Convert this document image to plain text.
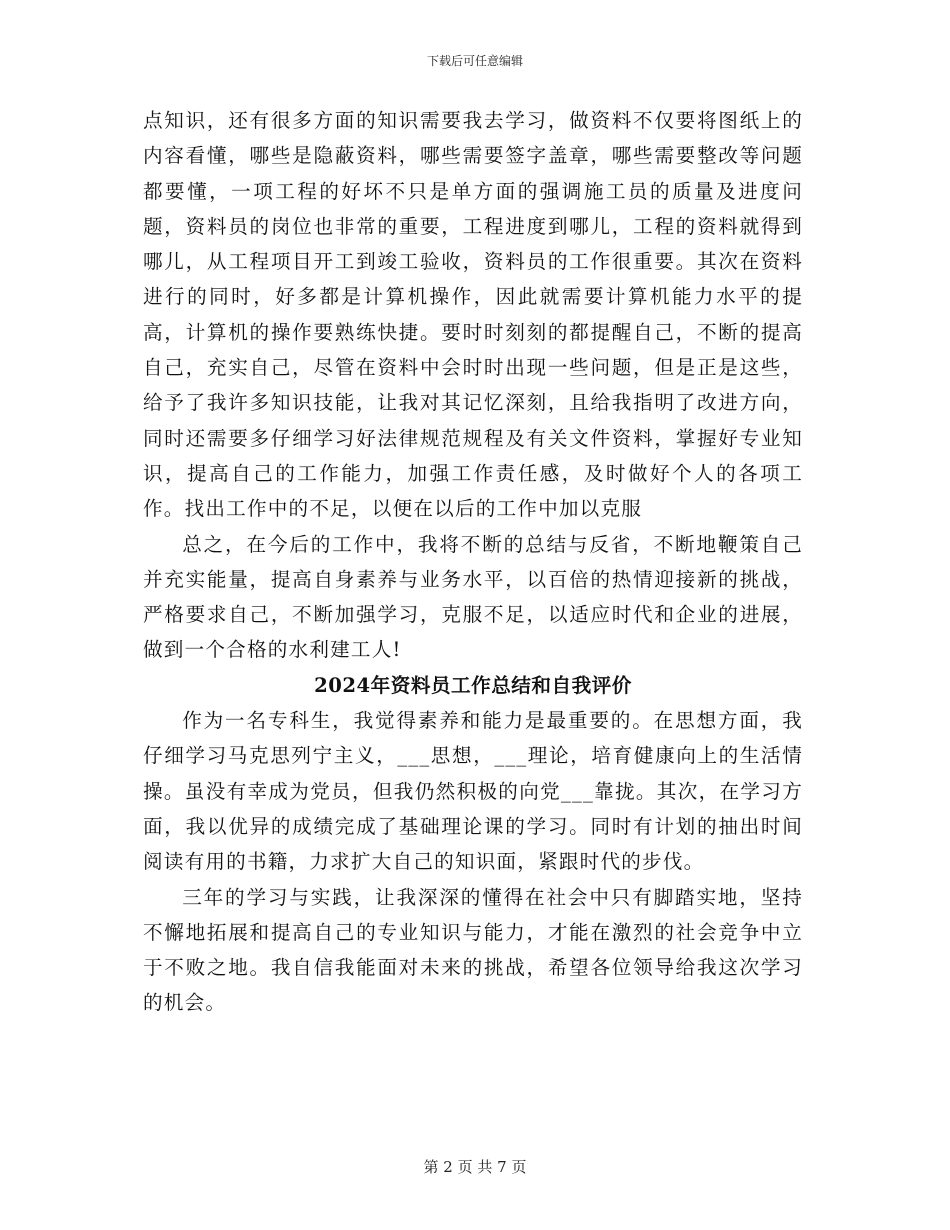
下载后可任意编辑

点知识，还有很多方面的知识需要我去学习，做资料不仅要将图纸上的内容看懂，哪些是隐蔽资料，哪些需要签字盖章，哪些需要整改等问题都要懂，一项工程的好坏不只是单方面的强调施工员的质量及进度问题，资料员的岗位也非常的重要，工程进度到哪儿，工程的资料就得到哪儿，从工程项目开工到竣工验收，资料员的工作很重要。其次在资料进行的同时，好多都是计算机操作，因此就需要计算机能力水平的提高，计算机的操作要熟练快捷。要时时刻刻的都提醒自己，不断的提高自己，充实自己，尽管在资料中会时时出现一些问题，但是正是这些，给予了我许多知识技能，让我对其记忆深刻，且给我指明了改进方向，同时还需要多仔细学习好法律规范规程及有关文件资料，掌握好专业知识，提高自己的工作能力，加强工作责任感，及时做好个人的各项工作。找出工作中的不足，以便在以后的工作中加以克服

总之，在今后的工作中，我将不断的总结与反省，不断地鞭策自己并充实能量，提高自身素养与业务水平，以百倍的热情迎接新的挑战，严格要求自己，不断加强学习，克服不足，以适应时代和企业的进展，做到一个合格的水利建工人!

2024年资料员工作总结和自我评价

作为一名专科生，我觉得素养和能力是最重要的。在思想方面，我仔细学习马克思列宁主义，___思想，___理论，培育健康向上的生活情操。虽没有幸成为党员，但我仍然积极的向党___靠拢。其次，在学习方面，我以优异的成绩完成了基础理论课的学习。同时有计划的抽出时间阅读有用的书籍，力求扩大自己的知识面，紧跟时代的步伐。

三年的学习与实践，让我深深的懂得在社会中只有脚踏实地，坚持不懈地拓展和提高自己的专业知识与能力，才能在激烈的社会竞争中立于不败之地。我自信我能面对未来的挑战，希望各位领导给我这次学习的机会。

第 2 页 共 7 页
